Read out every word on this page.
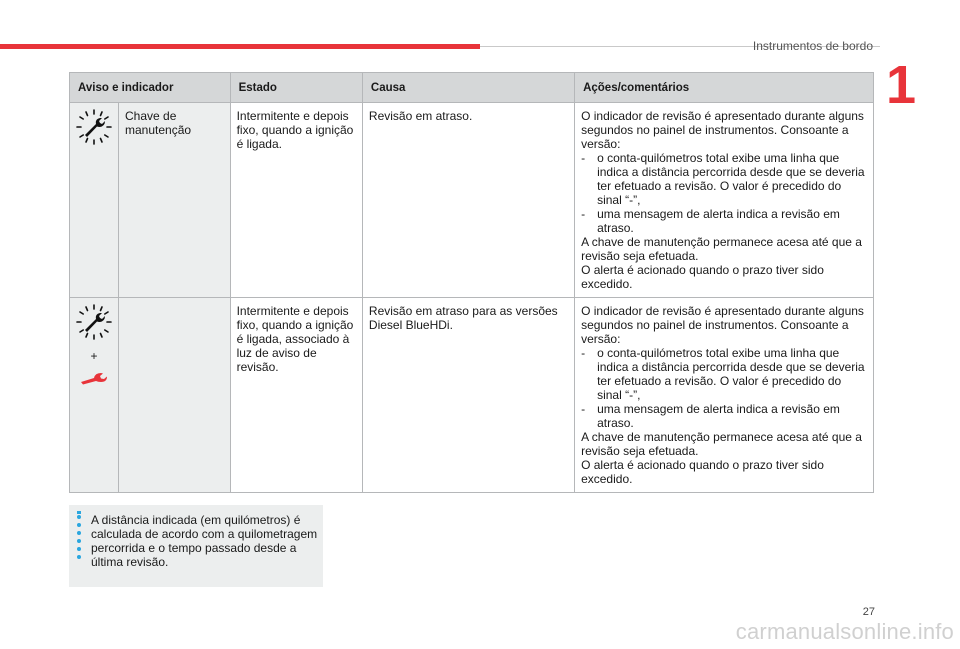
Instrumentos de bordo
1
Aviso e indicador		Estado	Causa	Ações/comentários
	Chave de manutenção	Intermitente e depois fixo, quando a ignição é ligada.	Revisão em atraso.	O indicador de revisão é apresentado durante alguns segundos no painel de instrumentos. Consoante a versão:
- o conta-quilómetros total exibe uma linha que indica a distância percorrida desde que se deveria ter efetuado a revisão. O valor é precedido do sinal “-”,
- uma mensagem de alerta indica a revisão em atraso.
A chave de manutenção permanece acesa até que a revisão seja efetuada.
O alerta é acionado quando o prazo tiver sido excedido.

+		Intermitente e depois fixo, quando a ignição é ligada, associado à luz de aviso de revisão.	Revisão em atraso para as versões Diesel BlueHDi.	O indicador de revisão é apresentado durante alguns segundos no painel de instrumentos. Consoante a versão:
- o conta-quilómetros total exibe uma linha que indica a distância percorrida desde que se deveria ter efetuado a revisão. O valor é precedido do sinal “-”,
- uma mensagem de alerta indica a revisão em atraso.
A chave de manutenção permanece acesa até que a revisão seja efetuada.
O alerta é acionado quando o prazo tiver sido excedido.
A distância indicada (em quilómetros) é calculada de acordo com a quilometragem percorrida e o tempo passado desde a última revisão.
27
carmanualsonline.info
